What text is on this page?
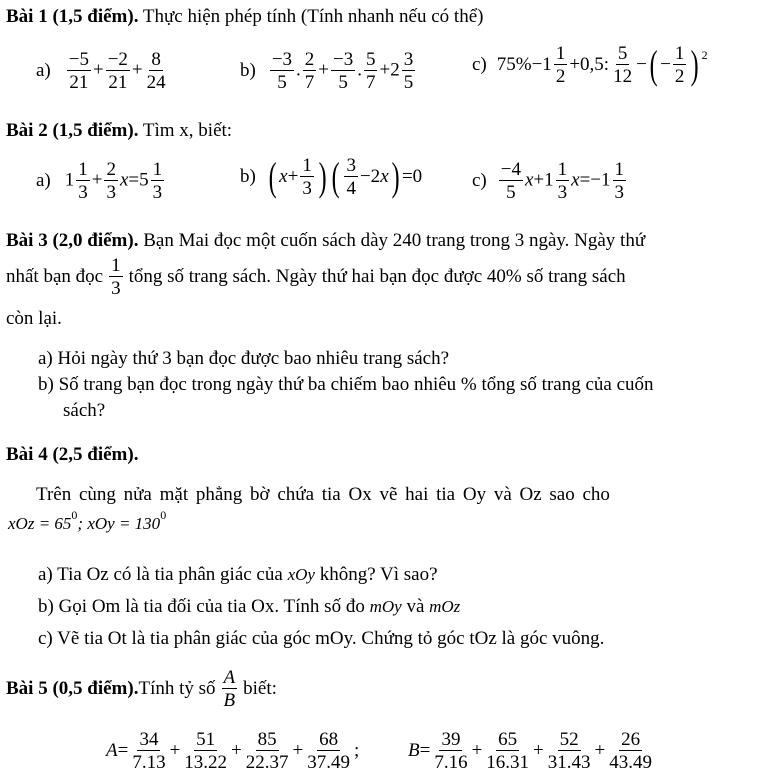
Bài 1 (1,5 điểm). Thực hiện phép tính (Tính nhanh nếu có thể)
$a) \frac{-5}{21} + \frac{-2}{21} + \frac{8}{24}$	$b) \frac{-3}{5}$ . $\frac{2}{7} + \frac{-3}{5}$ . $\frac{5}{7} +2 \frac{3}{5}$	c) 75%−1
1
2
+0,5:
5
12
− ( −
1
2 ) 2
Bài 2 (1,5 điểm). Tìm x, biết:
a) $1 \frac{1}{3} + \frac{2}{3} x=5 \frac{1}{3}$	b) ( x +
1
3 ) ( 3
4
−2 x ) =0	$c) \frac{-4}{5} x+1 \frac{1}{3} x=-1 \frac{1}{3}$
Bài 3 (2,0 điểm). Bạn Mai đọc một cuốn sách dày 240 trang trong 3 ngày. Ngày thứ
nhất bạn đọc
1
3
tổng số trang sách. Ngày thứ hai bạn đọc được 40% số trang sách
còn lại.
a) Hỏi ngày thứ 3 bạn đọc được bao nhiêu trang sách?
b) Số trang bạn đọc trong ngày thứ ba chiếm bao nhiêu % tổng số trang của cuốn
sách?
Bài 4 (2,5 điểm).
Trên cùng nửa mặt phẳng bờ chứa tia Ox vẽ hai tia Oy và Oz sao cho
xOz = $65^0$; xOy = $130^0$
a) Tia Oz có là tia phân giác của xOy không? Vì sao?
b) Gọi Om là tia đối của tia Ox. Tính số đo mOy và mOz
c) Vẽ tia Ot là tia phân giác của góc mOy. Chứng tỏ góc tOz là góc vuông.
Bài 5 (0,5 điểm). Tính tỷ số
A
B
biết:
A =
34
7.13
+
51
13.22
+
85
22.37
+
68
37.49
;	B =
39
7.16
+
65
16.31
+
52
31.43
+
26
43.49
